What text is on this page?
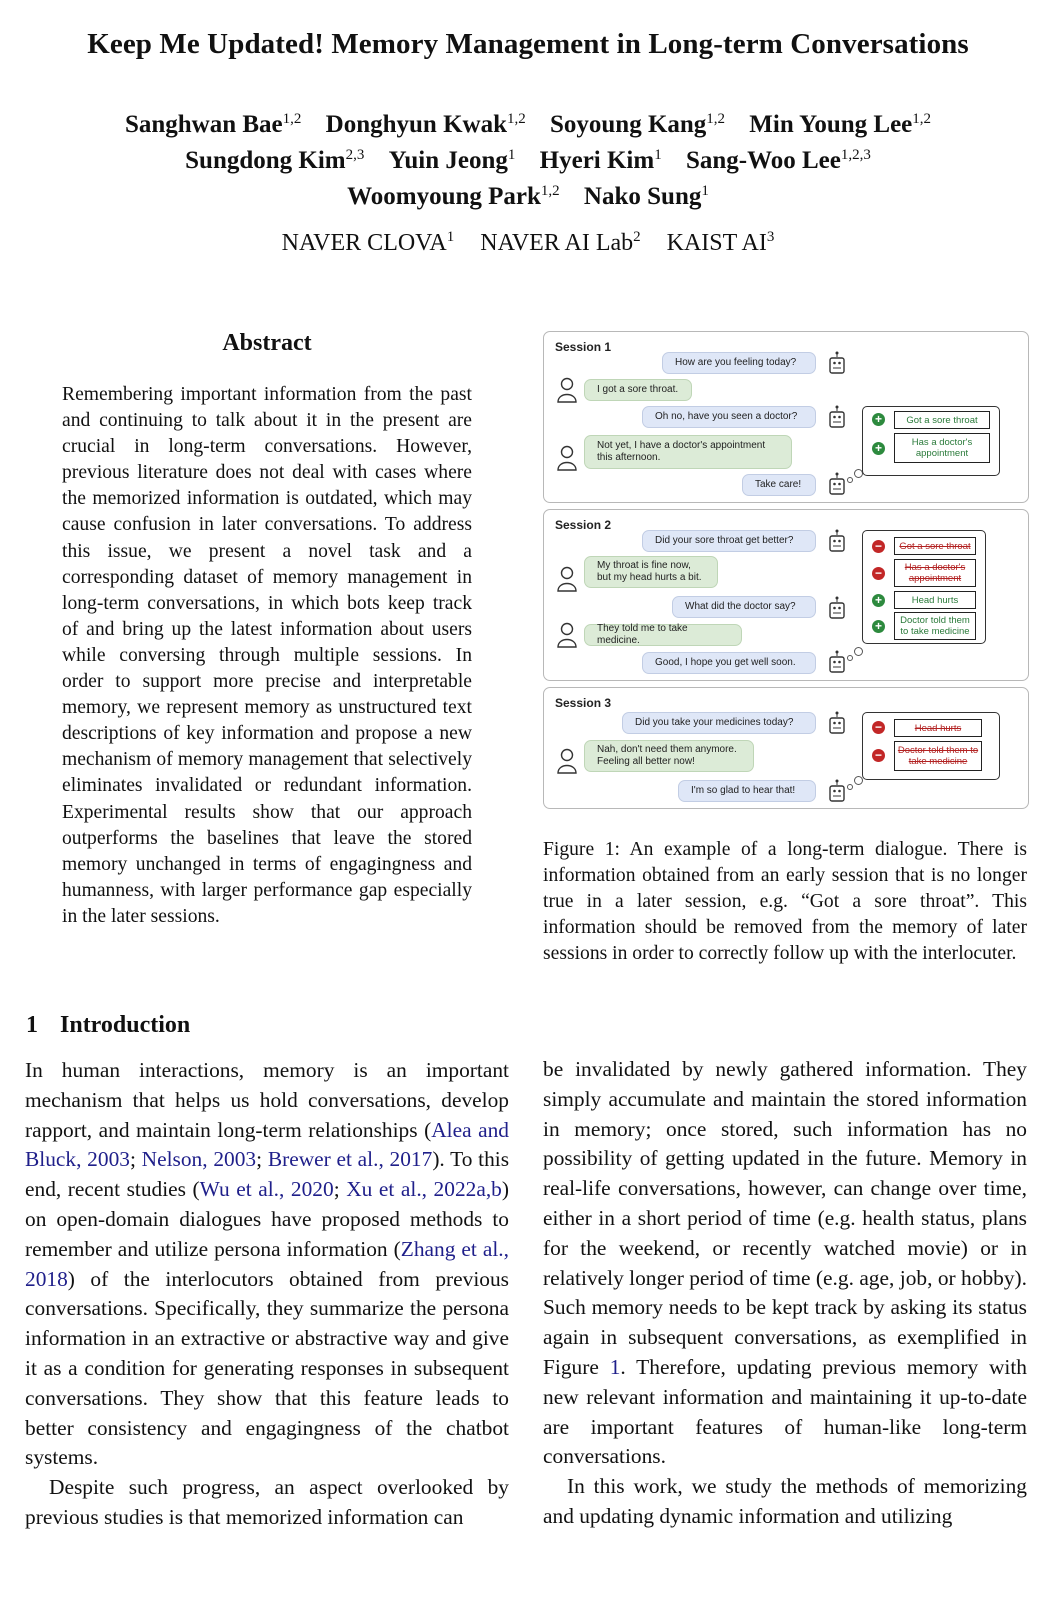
Keep Me Updated! Memory Management in Long-term Conversations
Sanghwan Bae$^{1,2}$ Donghyun Kwak$^{1,2}$ Soyoung Kang$^{1,2}$ Min Young Lee$^{1,2}$
Sungdong Kim$^{2,3}$ Yuin Jeong$^1$ Hyeri Kim$^1$ Sang-Woo Lee$^{1,2,3}$
Woomyoung Park$^{1,2}$ Nako Sung$^1$
NAVER CLOVA$^1$ NAVER AI Lab$^2$ KAIST $AI^3$
Abstract
Remembering important information from the past and continuing to talk about it in the present are crucial in long-term conversations. However, previous literature does not deal with cases where the memorized information is outdated, which may cause confusion in later conversations. To address this issue, we present a novel task and a corresponding dataset of memory management in long-term conversations, in which bots keep track of and bring up the latest information about users while conversing through multiple sessions. In order to support more precise and interpretable memory, we represent memory as unstructured text descriptions of key information and propose a new mechanism of memory management that selectively eliminates invalidated or redundant information. Experimental results show that our approach outperforms the baselines that leave the stored memory unchanged in terms of engagingness and humanness, with larger performance gap especially in the later sessions.
Session 1
How are you feeling today?
I got a sore throat.
Oh no, have you seen a doctor?
Not yet, I have a doctor's appointment this afternoon.
Take care!
+	Got a sore throat
+	Has a doctor's appointment
Session 2
Did your sore throat get better?
My throat is fine now, but my head hurts a bit.
What did the doctor say?
They told me to take medicine.
Good, I hope you get well soon.
−	Got a sore throat
−	Has a doctor's appointment
+	Head hurts
+	Doctor told them to take medicine
Session 3
Did you take your medicines today?
Nah, don't need them anymore. Feeling all better now!
I'm so glad to hear that!
−	Head hurts
−	Doctor told them to take medicine
Figure 1: An example of a long-term dialogue. There is information obtained from an early session that is no longer true in a later session, e.g. “Got a sore throat”. This information should be removed from the memory of later sessions in order to correctly follow up with the interlocuter.
1 Introduction

In human interactions, memory is an important mechanism that helps us hold conversations, develop rapport, and maintain long-term relationships (Alea and Bluck, 2003; Nelson, 2003; Brewer et al., 2017). To this end, recent studies (Wu et al., 2020; Xu et al., 2022a,b) on open-domain dialogues have proposed methods to remember and utilize persona information (Zhang et al., 2018) of the interlocutors obtained from previous conversations. Specifically, they summarize the persona information in an extractive or abstractive way and give it as a condition for generating responses in subsequent conversations. They show that this feature leads to better consistency and engagingness of the chatbot systems.

Despite such progress, an aspect overlooked by previous studies is that memorized information can

be invalidated by newly gathered information. They simply accumulate and maintain the stored information in memory; once stored, such information has no possibility of getting updated in the future. Memory in real-life conversations, however, can change over time, either in a short period of time (e.g. health status, plans for the weekend, or recently watched movie) or in relatively longer period of time (e.g. age, job, or hobby). Such memory needs to be kept track by asking its status again in subsequent conversations, as exemplified in Figure 1. Therefore, updating previous memory with new relevant information and maintaining it up-to-date are important features of human-like long-term conversations.

In this work, we study the methods of memorizing and updating dynamic information and utilizing
